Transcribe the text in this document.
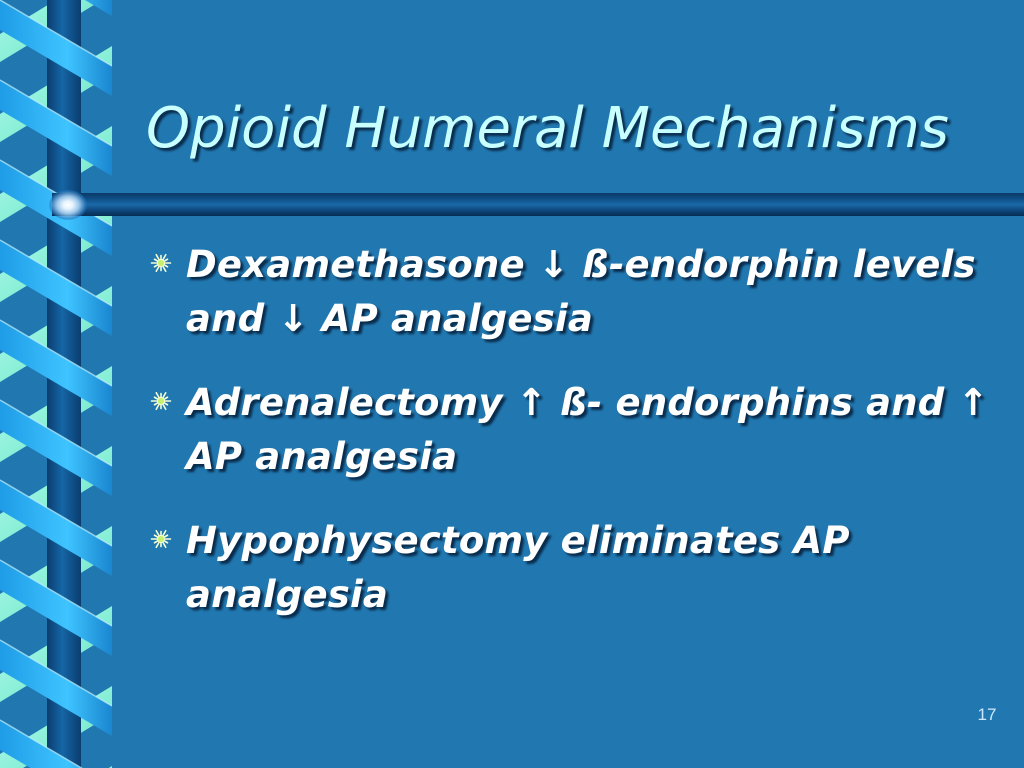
Opioid Humeral Mechanisms
Dexamethasone ↓ ß-endorphin levels and ↓ AP analgesia
Adrenalectomy ↑ ß- endorphins and ↑ AP analgesia
Hypophysectomy eliminates AP analgesia
17
